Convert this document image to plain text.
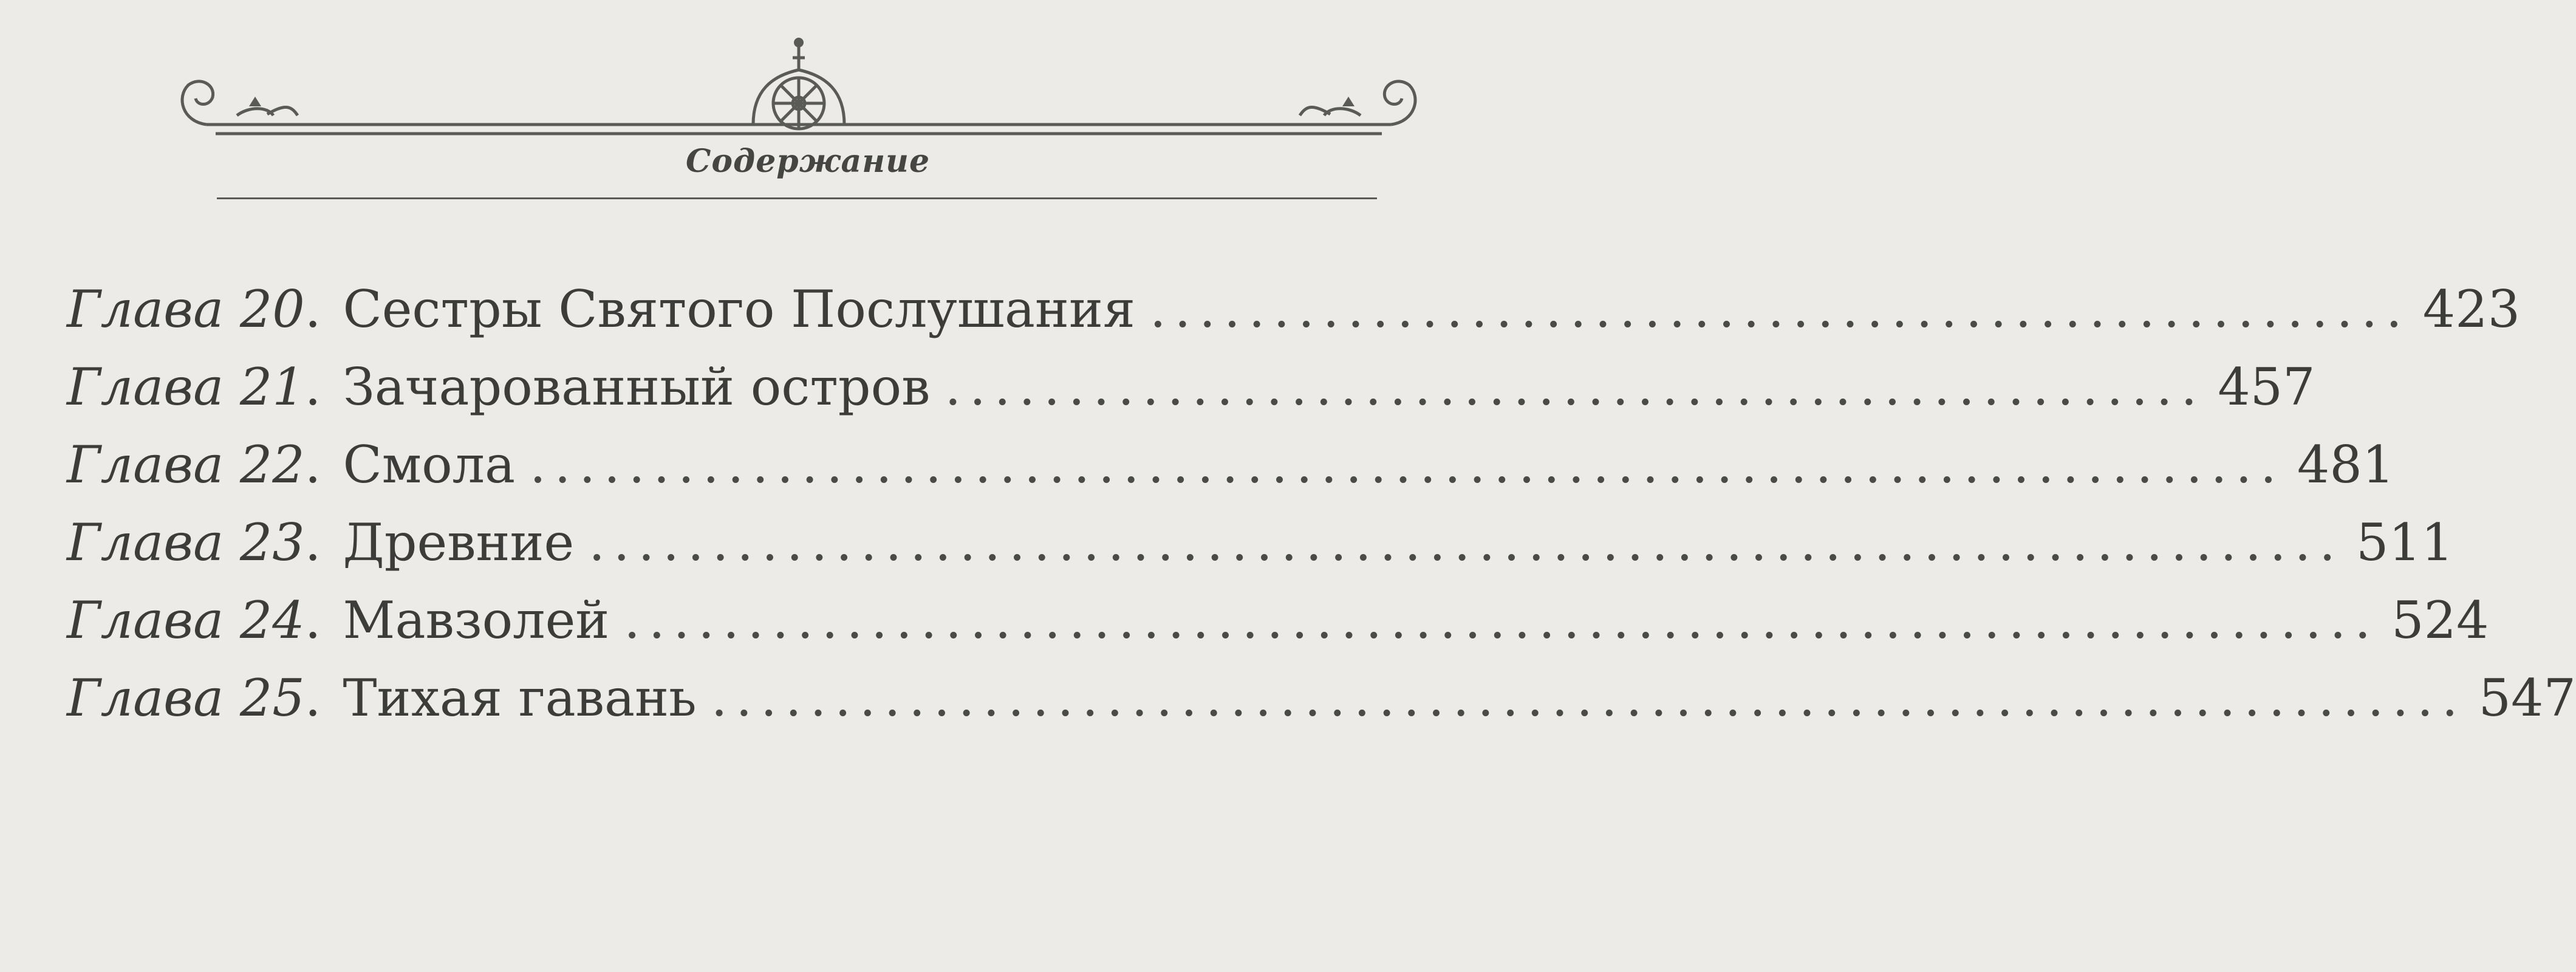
Содержание
Глава 20. Сестры Святого Послушания ................................................... 423
Глава 21. Зачарованный остров ................................................... 457
Глава 22. Смола ....................................................................... 481
Глава 23. Древние ....................................................................... 511
Глава 24. Мавзолей ....................................................................... 524
Глава 25. Тихая гавань ....................................................................... 547
